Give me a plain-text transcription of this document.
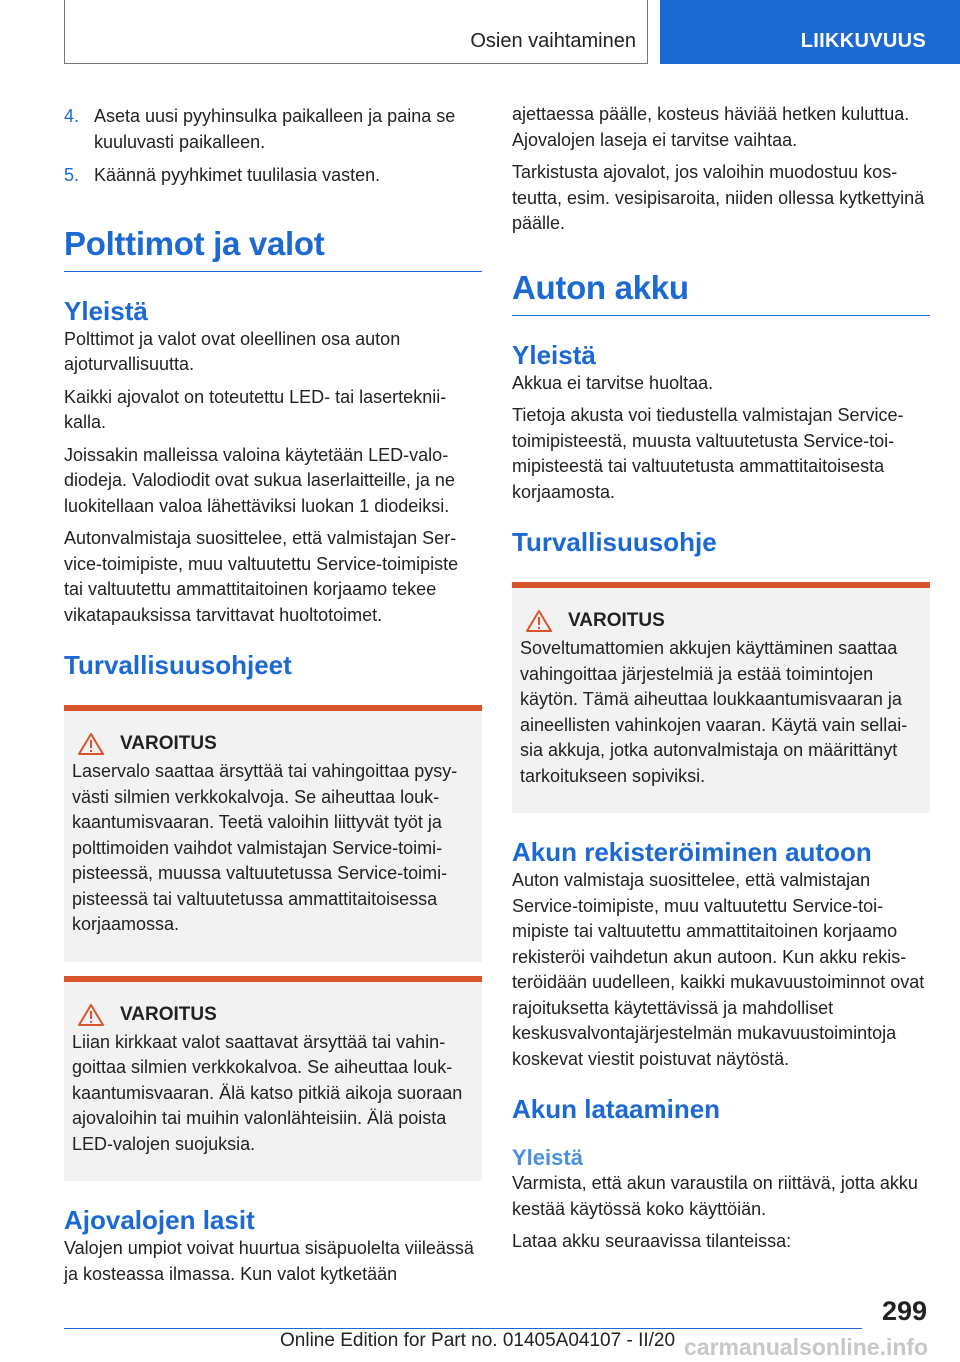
Osien vaihtaminen	LIIKKUVUUS
4. Aseta uusi pyyhinsulka paikalleen ja paina se kuuluvasti paikalleen.
5. Käännä pyyhkimet tuulilasia vasten.
Polttimot ja valot
Yleistä

Polttimot ja valot ovat oleellinen osa auton ajoturvallisuutta.

Kaikki ajovalot on toteutettu LED- tai lasertekniikalla.

Joissakin malleissa valoina käytetään LED-valodiodeja. Valodiodit ovat sukua laserlaitteille, ja ne luokitellaan valoa lähettäviksi luokan 1 diodeiksi.

Autonvalmistaja suosittelee, että valmistajan Service-toimipiste, muu valtuutettu Service-toimipiste tai valtuutettu ammattitaitoinen korjaamo tekee vikatapauksissa tarvittavat huoltotoimet.

Turvallisuusohjeet
VAROITUS

Laservalo saattaa ärsyttää tai vahingoittaa pysyvästi silmien verkkokalvoja. Se aiheuttaa loukkaantumisvaaran. Teetä valoihin liittyvät työt ja polttimoiden vaihdot valmistajan Service-toimipisteessä, muussa valtuutetussa Service-toimipisteessä tai valtuutetussa ammattitaitoisessa korjaamossa.

VAROITUS

Liian kirkkaat valot saattavat ärsyttää tai vahingoittaa silmien verkkokalvoa. Se aiheuttaa loukkaantumisvaaran. Älä katso pitkiä aikoja suoraan ajovaloihin tai muihin valonlähteisiin. Älä poista LED-valojen suojuksia.

Ajovalojen lasit

Valojen umpiot voivat huurtua sisäpuolelta viileässä ja kosteassa ilmassa. Kun valot kytketään

ajettaessa päälle, kosteus häviää hetken kuluttua. Ajovalojen laseja ei tarvitse vaihtaa.

Tarkistusta ajovalot, jos valoihin muodostuu kosteutta, esim. vesipisaroita, niiden ollessa kytkettyinä päälle.

Auton akku
Yleistä

Akkua ei tarvitse huoltaa.

Tietoja akusta voi tiedustella valmistajan Service-toimipisteestä, muusta valtuutetusta Service-toimipisteestä tai valtuutetusta ammattitaitoisesta korjaamosta.

Turvallisuusohje
VAROITUS

Soveltumattomien akkujen käyttäminen saattaa vahingoittaa järjestelmiä ja estää toimintojen käytön. Tämä aiheuttaa loukkaantumisvaaran ja aineellisten vahinkojen vaaran. Käytä vain sellaisia akkuja, jotka autonvalmistaja on määrittänyt tarkoitukseen sopiviksi.

Akun rekisteröiminen autoon

Auton valmistaja suosittelee, että valmistajan Service-toimipiste, muu valtuutettu Service-toimipiste tai valtuutettu ammattitaitoinen korjaamo rekisteröi vaihdetun akun autoon. Kun akku rekisteröidään uudelleen, kaikki mukavuustoiminnot ovat rajoituksetta käytettävissä ja mahdolliset keskusvalvontajärjestelmän mukavuustoimintoja koskevat viestit poistuvat näytöstä.

Akun lataaminen
Yleistä

Varmista, että akun varaustila on riittävä, jotta akku kestää käytössä koko käyttöiän.

Lataa akku seuraavissa tilanteissa:

299
Online Edition for Part no. 01405A04107 - II/20 carmanualsonline.info
